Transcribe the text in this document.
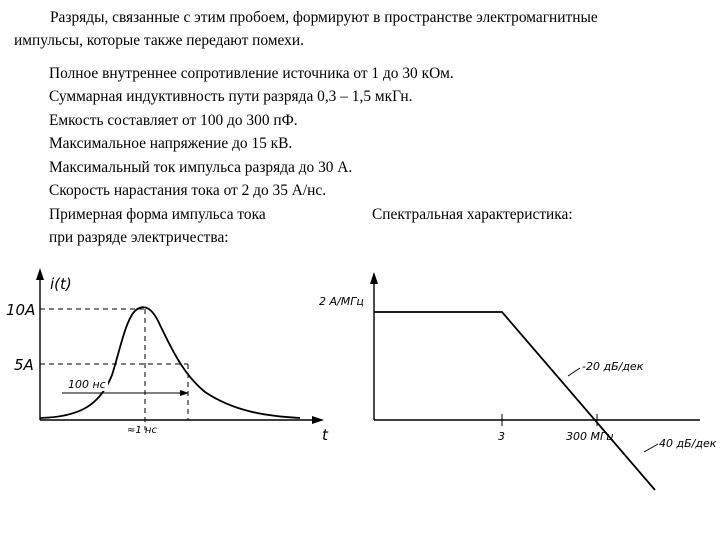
Разряды, связанные с этим пробоем, формируют в пространстве электромагнитные
импульсы, которые также передают помехи.
Полное внутреннее сопротивление источника от 1 до 30 кОм.
Суммарная индуктивность пути разряда 0,3 – 1,5 мкГн.
Емкость составляет от 100 до 300 пФ.
Максимальное напряжение до 15 кВ.
Максимальный ток импульса разряда до 30 А.
Скорость нарастания тока от 2 до 35 А/нс.
Примерная форма импульса тока	Спектральная характеристика:
при разряде электричества:
i(t)
t
10А
5А
100 нс
≈1 нс
2 А/МГц
3	300 МГц
-20 дБ/дек
40 дБ/дек
